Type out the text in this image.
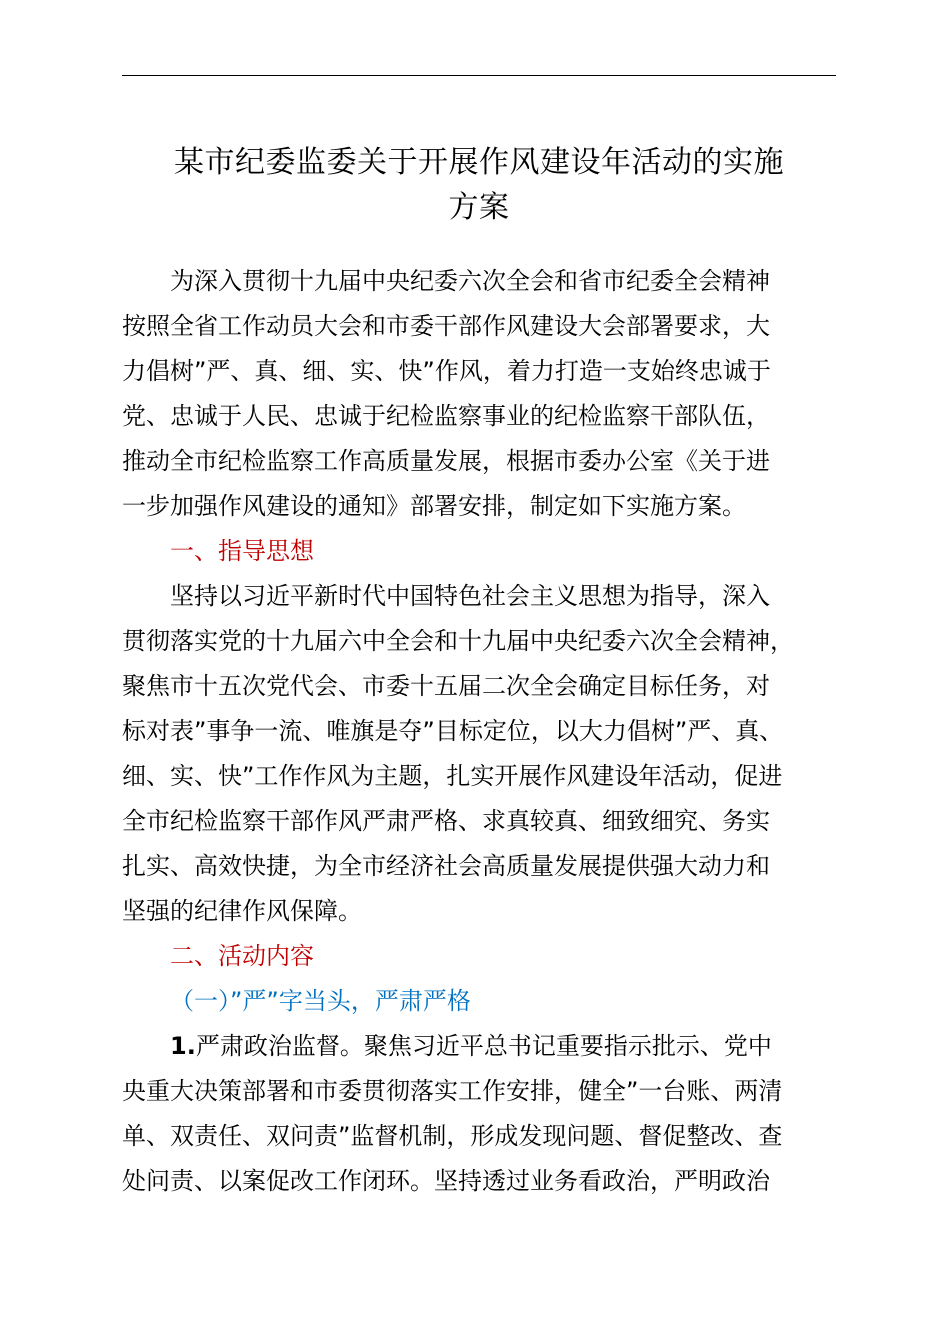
某市纪委监委关于开展作风建设年活动的实施
方案
为深入贯彻十九届中央纪委六次全会和省市纪委全会精神
按照全省工作动员大会和市委干部作风建设大会部署要求，大
力倡树”严、真、细、实、快”作风，着力打造一支始终忠诚于
党、忠诚于人民、忠诚于纪检监察事业的纪检监察干部队伍，
推动全市纪检监察工作高质量发展，根据市委办公室《关于进
一步加强作风建设的通知》部署安排，制定如下实施方案。
一、指导思想
坚持以习近平新时代中国特色社会主义思想为指导，深入
贯彻落实党的十九届六中全会和十九届中央纪委六次全会精神，
聚焦市十五次党代会、市委十五届二次全会确定目标任务，对
标对表”事争一流、唯旗是夺”目标定位，以大力倡树”严、真、
细、实、快”工作作风为主题，扎实开展作风建设年活动，促进
全市纪检监察干部作风严肃严格、求真较真、细致细究、务实
扎实、高效快捷，为全市经济社会高质量发展提供强大动力和
坚强的纪律作风保障。
二、活动内容
（一）”严”字当头，严肃严格
1.严肃政治监督。聚焦习近平总书记重要指示批示、党中
央重大决策部署和市委贯彻落实工作安排，健全”一台账、两清
单、双责任、双问责”监督机制，形成发现问题、督促整改、查
处问责、以案促改工作闭环。坚持透过业务看政治，严明政治
